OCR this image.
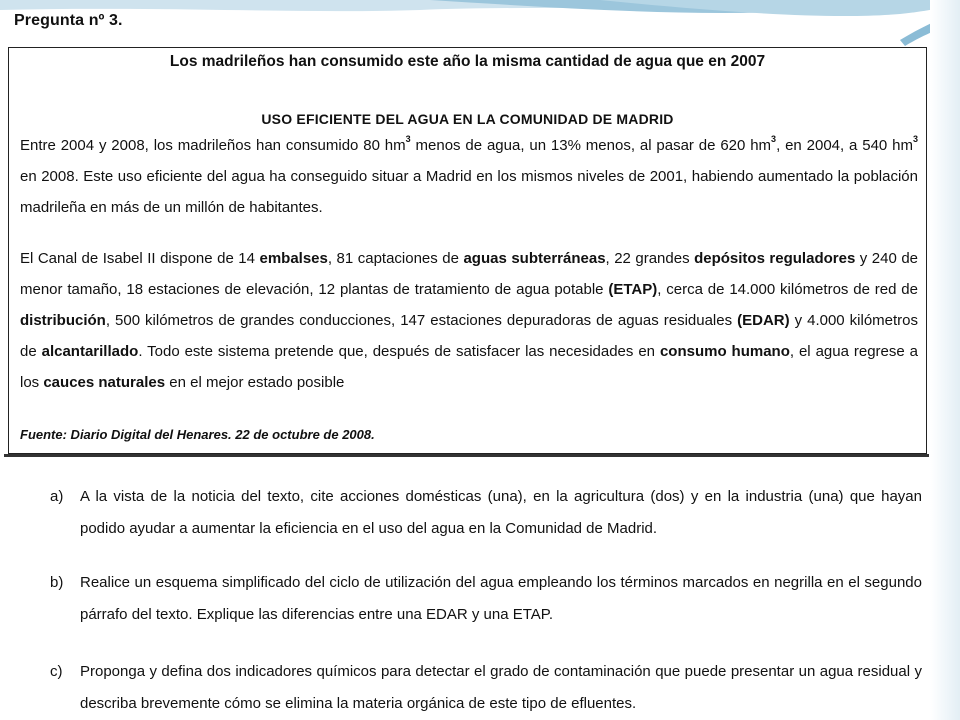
Pregunta nº 3.
Los madrileños han consumido este año la misma cantidad de agua que en 2007
USO EFICIENTE DEL AGUA EN LA COMUNIDAD DE MADRID
Entre 2004 y 2008, los madrileños han consumido 80 $hm^3$ menos de agua, un 13% menos, al pasar de 620 $hm^3$, en 2004, a 540 $hm^3$ en 2008. Este uso eficiente del agua ha conseguido situar a Madrid en los mismos niveles de 2001, habiendo aumentado la población madrileña en más de un millón de habitantes.
El Canal de Isabel II dispone de 14 embalses, 81 captaciones de aguas subterráneas, 22 grandes depósitos reguladores y 240 de menor tamaño, 18 estaciones de elevación, 12 plantas de tratamiento de agua potable (ETAP), cerca de 14.000 kilómetros de red de distribución, 500 kilómetros de grandes conducciones, 147 estaciones depuradoras de aguas residuales (EDAR) y 4.000 kilómetros de alcantarillado. Todo este sistema pretende que, después de satisfacer las necesidades en consumo humano, el agua regrese a los cauces naturales en el mejor estado posible
Fuente: Diario Digital del Henares. 22 de octubre de 2008.
a) A la vista de la noticia del texto, cite acciones domésticas (una), en la agricultura (dos) y en la industria (una) que hayan podido ayudar a aumentar la eficiencia en el uso del agua en la Comunidad de Madrid.
b) Realice un esquema simplificado del ciclo de utilización del agua empleando los términos marcados en negrilla en el segundo párrafo del texto. Explique las diferencias entre una EDAR y una ETAP.
c) Proponga y defina dos indicadores químicos para detectar el grado de contaminación que puede presentar un agua residual y describa brevemente cómo se elimina la materia orgánica de este tipo de efluentes.
